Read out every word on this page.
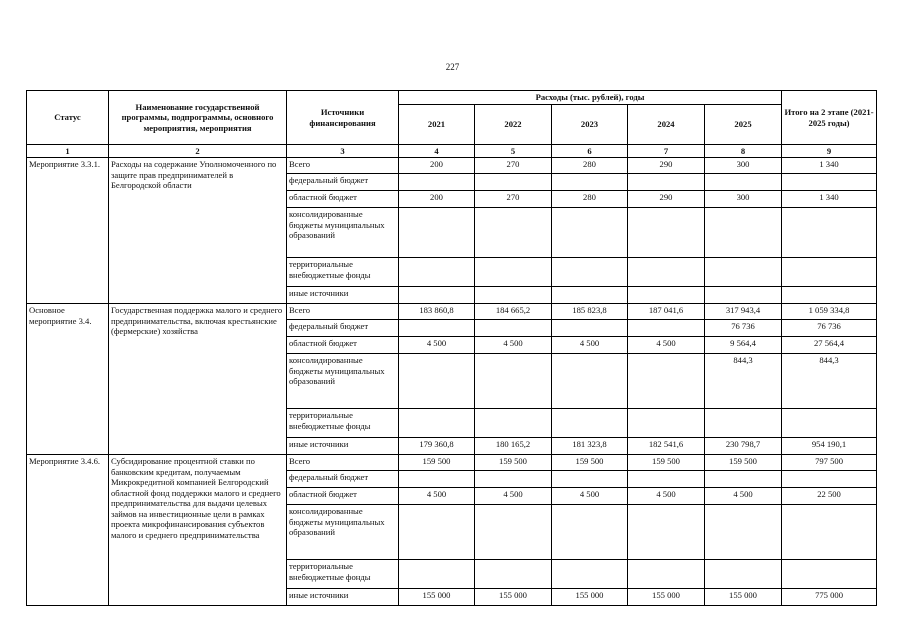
227
Статус	Наименование государственной программы, подпрограммы, основного мероприятия, мероприятия	Источники финансирования	Расходы (тыс. рублей), годы					Итого на 2 этапе (2021-2025 годы)
			2021	2022	2023	2024	2025	
1	2	3	4	5	6	7	8	9
Мероприятие 3.3.1.	Расходы на содержание Уполномоченного по защите прав предпринимателей в Белгородской области	Всего	200	270	280	290	300	1 340
		федеральный бюджет						
		областной бюджет	200	270	280	290	300	1 340
		консолидированные бюджеты муниципальных образований						
		территориальные внебюджетные фонды						
		иные источники						
Основное мероприятие 3.4.	Государственная поддержка малого и среднего предпринимательства, включая крестьянские (фермерские) хозяйства	Всего	183 860,8	184 665,2	185 823,8	187 041,6	317 943,4	1 059 334,8
		федеральный бюджет					76 736	76 736
		областной бюджет	4 500	4 500	4 500	4 500	9 564,4	27 564,4
		консолидированные бюджеты муниципальных образований					844,3	844,3
		территориальные внебюджетные фонды						
		иные источники	179 360,8	180 165,2	181 323,8	182 541,6	230 798,7	954 190,1
Мероприятие 3.4.6.	Субсидирование процентной ставки по банковским кредитам, получаемым Микрокредитной компанией Белгородский областной фонд поддержки малого и среднего предпринимательства для выдачи целевых займов на инвестиционные цели в рамках проекта микрофинансирования субъектов малого и среднего предпринимательства	Всего	159 500	159 500	159 500	159 500	159 500	797 500
		федеральный бюджет						
		областной бюджет	4 500	4 500	4 500	4 500	4 500	22 500
		консолидированные бюджеты муниципальных образований						
		территориальные внебюджетные фонды						
		иные источники	155 000	155 000	155 000	155 000	155 000	775 000
